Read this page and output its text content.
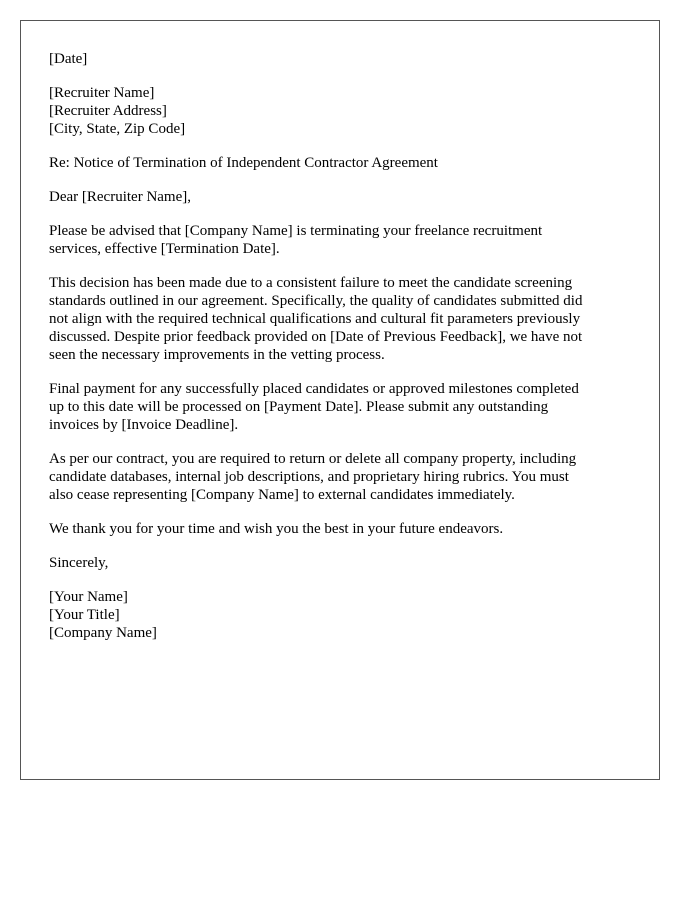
[Date]
[Recruiter Name]
[Recruiter Address]
[City, State, Zip Code]
Re: Notice of Termination of Independent Contractor Agreement
Dear [Recruiter Name],
Please be advised that [Company Name] is terminating your freelance recruitment
services, effective [Termination Date].
This decision has been made due to a consistent failure to meet the candidate screening
standards outlined in our agreement. Specifically, the quality of candidates submitted did
not align with the required technical qualifications and cultural fit parameters previously
discussed. Despite prior feedback provided on [Date of Previous Feedback], we have not
seen the necessary improvements in the vetting process.
Final payment for any successfully placed candidates or approved milestones completed
up to this date will be processed on [Payment Date]. Please submit any outstanding
invoices by [Invoice Deadline].
As per our contract, you are required to return or delete all company property, including
candidate databases, internal job descriptions, and proprietary hiring rubrics. You must
also cease representing [Company Name] to external candidates immediately.
We thank you for your time and wish you the best in your future endeavors.
Sincerely,
[Your Name]
[Your Title]
[Company Name]
